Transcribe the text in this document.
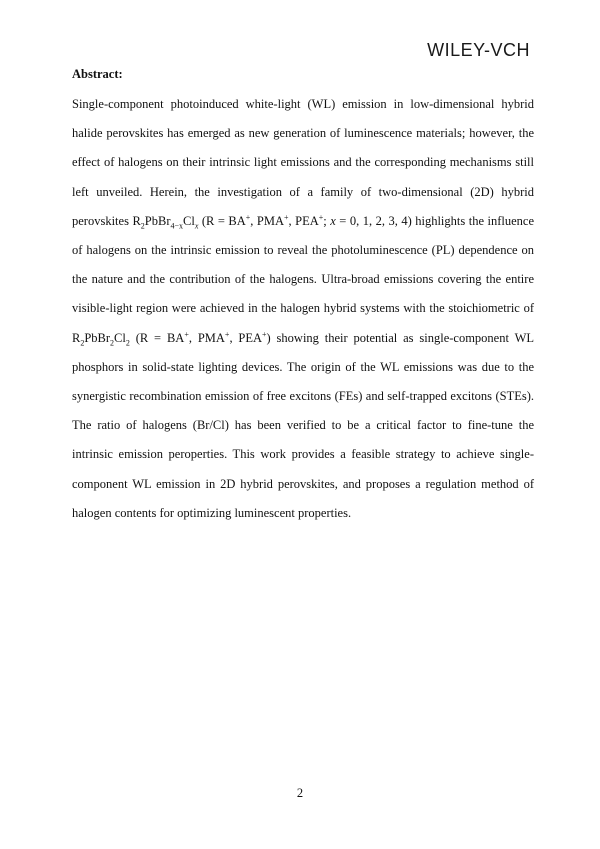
WILEY-VCH
Abstract:

Single-component photoinduced white-light (WL) emission in low-dimensional hybrid halide perovskites has emerged as new generation of luminescence materials; however, the effect of halogens on their intrinsic light emissions and the corresponding mechanisms still left unveiled. Herein, the investigation of a family of two-dimensional (2D) hybrid perovskites $R_2PbBr_{4-x}Cl_x$ (R = BA+, PMA+, PEA+; x = 0, 1, 2, 3, 4) highlights the influence of halogens on the intrinsic emission to reveal the photoluminescence (PL) dependence on the nature and the contribution of the halogens. Ultra-broad emissions covering the entire visible-light region were achieved in the halogen hybrid systems with the stoichiometric of $R_2PbBr_2Cl_2$ (R = BA+, PMA+, PEA+) showing their potential as single-component WL phosphors in solid-state lighting devices. The origin of the WL emissions was due to the synergistic recombination emission of free excitons (FEs) and self-trapped excitons (STEs). The ratio of halogens (Br/Cl) has been verified to be a critical factor to fine-tune the intrinsic emission peroperties. This work provides a feasible strategy to achieve single-component WL emission in 2D hybrid perovskites, and proposes a regulation method of halogen contents for optimizing luminescent properties.

2
